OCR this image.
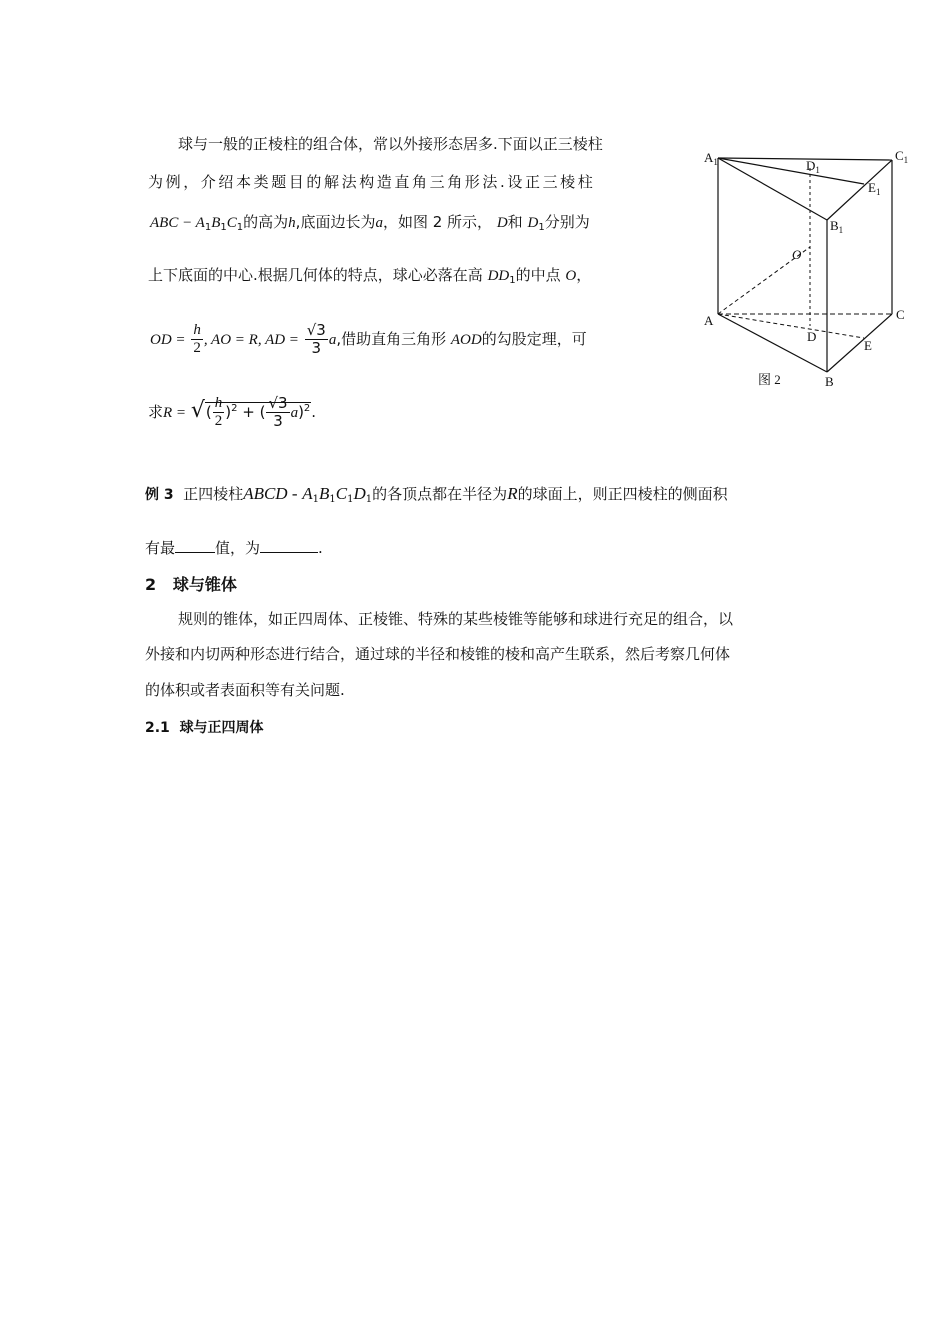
球与一般的正棱柱的组合体，常以外接形态居多.下面以正三棱柱
为例，介绍本类题目的解法构造直角三角形法.设正三棱柱
ABC − $A_1B_1C_1$的高为h,底面边长为a，如图 2 所示， D和 $D_1$分别为
上下底面的中心.根据几何体的特点，球心必落在高 $DD_1$的中点 O，
OD = $\frac{h}{2}$ , AO = R, AD = $\frac{√3}{3} a$,借助直角三角形 AOD的勾股定理，可
求R = √( $\frac{h}{2} )^2$ + ( $\frac{√3}{3} a)^2$.
$A_1$	$D_1$
$C_1$
$E_1$
$B_1$
O
A	C
D
E
B
图 2
例 3 正四棱柱ABCD - $A_1B_1C_1D_1$的各顶点都在半径为R的球面上，则正四棱柱的侧面积
有最	值，为	.
2 球与锥体
规则的锥体，如正四周体、正棱锥、特殊的某些棱锥等能够和球进行充足的组合，以
外接和内切两种形态进行结合，通过球的半径和棱锥的棱和高产生联系，然后考察几何体
的体积或者表面积等有关问题.
2.1 球与正四周体
